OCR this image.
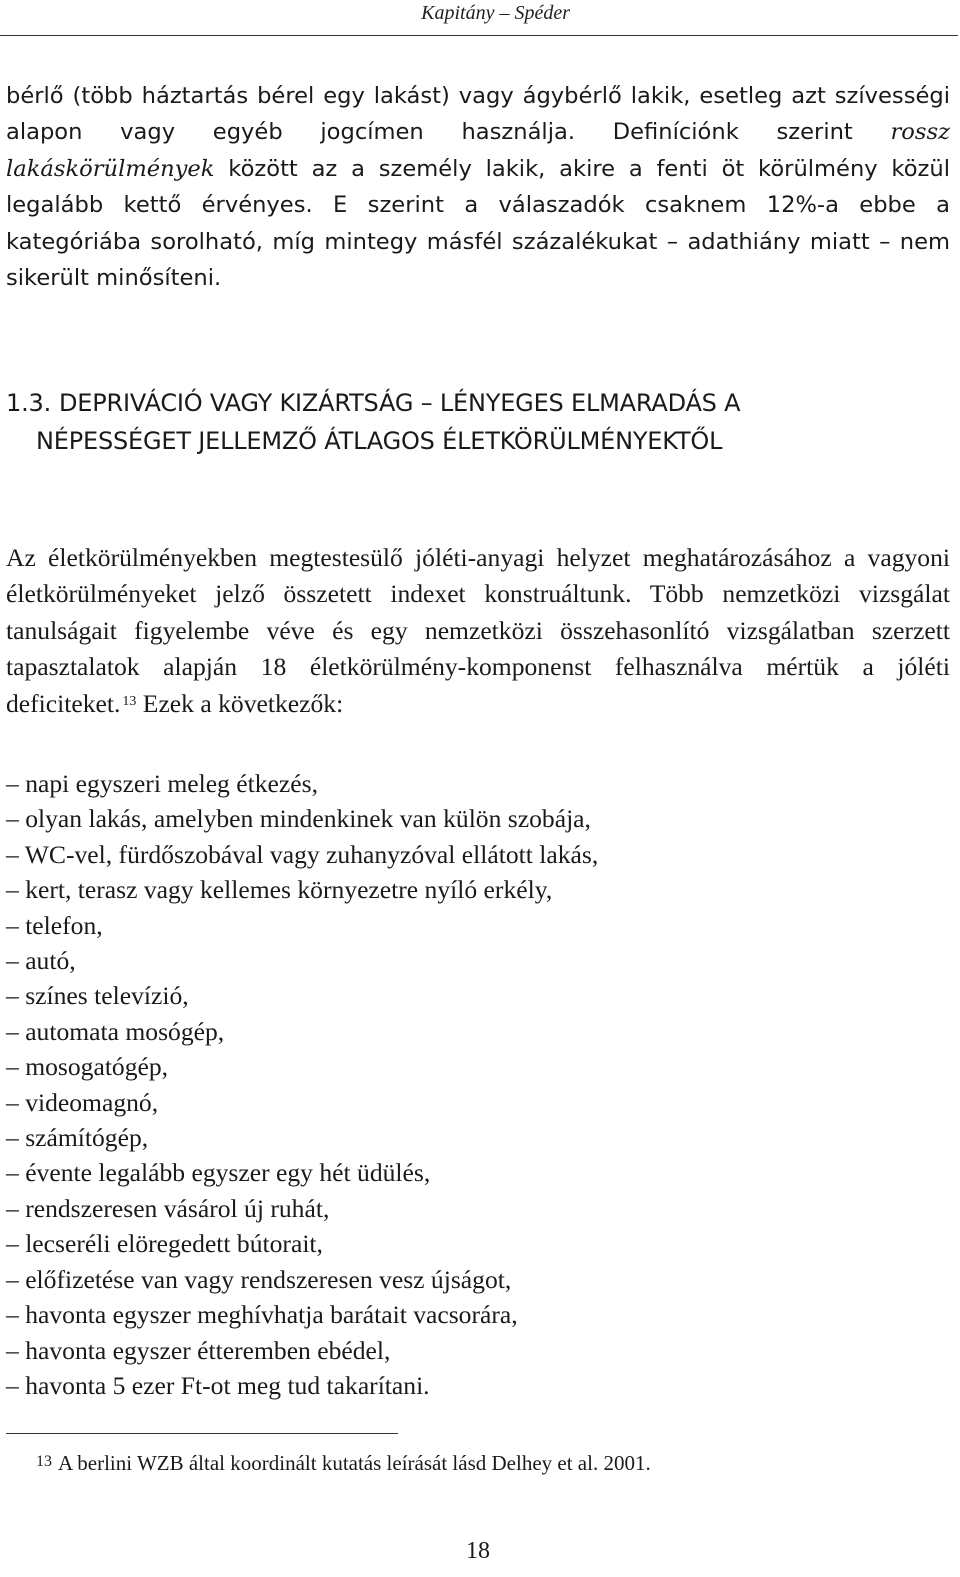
Kapitány – Spéder

bérlő (több háztartás bérel egy lakást) vagy ágybérlő lakik, esetleg azt szívességi alapon vagy egyéb jogcímen használja. Definíciónk szerint rossz lakáskörülmények között az a személy lakik, akire a fenti öt körülmény közül legalább kettő érvényes. E szerint a válaszadók csaknem 12%-a ebbe a kategóriába sorolható, míg mintegy másfél százalékukat – adathiány miatt – nem sikerült minősíteni.

1.3. DEPRIVÁCIÓ VAGY KIZÁRTSÁG – LÉNYEGES ELMARADÁS A
NÉPESSÉGET JELLEMZŐ ÁTLAGOS ÉLETKÖRÜLMÉNYEKTŐL

Az életkörülményekben megtestesülő jóléti-anyagi helyzet meghatározásához a vagyoni életkörülményeket jelző összetett indexet konstruáltunk. Több nemzetközi vizsgálat tanulságait figyelembe véve és egy nemzetközi összehasonlító vizsgálatban szerzett tapasztalatok alapján 18 életkörülmény-komponenst felhasználva mértük a jóléti deficiteket. $^{13}$ Ezek a következők:

– napi egyszeri meleg étkezés,
– olyan lakás, amelyben mindenkinek van külön szobája,
– WC-vel, fürdőszobával vagy zuhanyzóval ellátott lakás,
– kert, terasz vagy kellemes környezetre nyíló erkély,
– telefon,
– autó,
– színes televízió,
– automata mosógép,
– mosogatógép,
– videomagnó,
– számítógép,
– évente legalább egyszer egy hét üdülés,
– rendszeresen vásárol új ruhát,
– lecseréli elöregedett bútorait,
– előfizetése van vagy rendszeresen vesz újságot,
– havonta egyszer meghívhatja barátait vacsorára,
– havonta egyszer étteremben ebédel,
– havonta 5 ezer Ft-ot meg tud takarítani.
$^{13}$ A berlini WZB által koordinált kutatás leírását lásd Delhey et al. 2001.
18
